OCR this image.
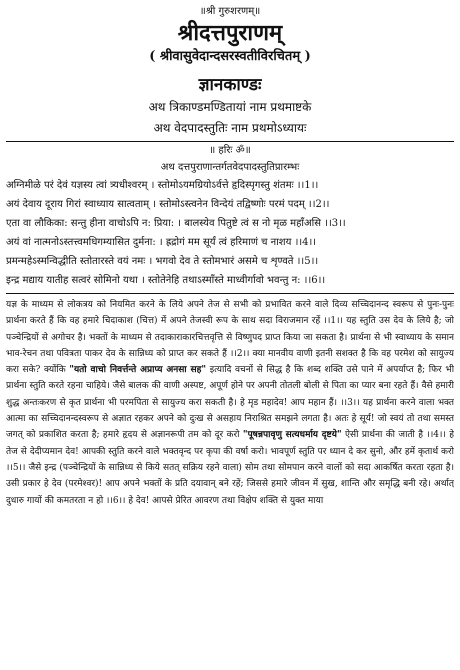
॥श्री गुरुशरणम्॥
श्रीदत्तपुराणम्
( श्रीवासुवेदान्दसरस्वतीविरचितम् )
ज्ञानकाण्डः
अथ त्रिकाण्डमण्डितायां नाम प्रथमाष्टके
अथ वेदपादस्तुतिः नाम प्रथमोऽध्यायः
॥ हरिः ॐ॥
अथ दत्तपुराणान्तर्गतवेदपादस्तुतिप्रारम्भः
अग्निमीळे परं देवं यज्ञस्य त्वां त्र्यधीश्वरम् । स्तोमोऽयमग्रियोऽर्वत्ते हृदिस्पृगस्तु शंतमः ।।1।।
अयं देवाय दूराय गिरां स्वाध्याय सात्वताम् । स्तोमोऽस्त्वनेन विन्देयं तद्विष्णोः परमं पदम् ।।2।।
एता वा लौकिका: सन्तु हीना वाचोऽपि न: प्रिया: । बालस्येव पितुष्टे त्वं स नो मृळ महाँअसि ।।3।।
अयं वां नात्मनोऽस्तत्त्वमधिगम्यासित दुर्मना: । ह्रद्रोगं मम सूर्यं त्वं हरिमाणं च नाशय ।।4।।
प्रमन्महेऽस्मन्विद्धीति स्तोतारस्ते वयं नमः । भगवो देव ते स्तोमभारं असमे च शृण्वते ।।5।।
इन्द्र मद्याय यातीह सत्वरं सोमिनो यथा । स्तोतेनेहि तथाऽस्माँस्ते माध्वीर्गावो भवन्तु न: ।।6।।
यज्ञ के माध्यम से लोकत्रय को नियमित करने के लिये अपने तेज से सभी को प्रभावित करने वाले दिव्य सच्चिदानन्द स्वरूप से पुनः-पुनः प्रार्थना करते हैं कि वह हमारे चिदाकाश (चित्त) में अपने तेजस्वी रूप के साथ सदा विराजमान रहें ।।1।। यह स्तुति उस देव के लिये है; जो पञ्चेन्द्रियों से अगोचर है। भक्तों के माध्यम से तदाकाराकारचित्तवृत्ति से विष्णुपद प्राप्त किया जा सकता है। प्रार्थना से भी स्वाध्याय के समान भाव-रेचन तथा पवित्रता पाकर देव के सान्निध्य को प्राप्त कर सकते हैं ।।2।। क्या मानवीय वाणी इतनी सशक्त है कि वह परमेश को सायुज्य करा सके? क्योंकि "यतो वाचो निवर्त्तन्ते अप्राप्य अनसा सह" इत्यादि वचनों से सिद्ध है कि शब्द शक्ति उसे पाने में अपर्याप्त है; फिर भी प्रार्थना स्तुति करते रहना चाहिये। जैसे बालक की वाणी अस्पष्ट, अपूर्ण होने पर अपनी तोतली बोली से पिता का प्यार बना रहते हैं। वैसे हमारी शुद्ध अन्तःकरण से कृत प्रार्थना भी परमपिता से सायुज्य करा सकती है। हे मृड महादेव! आप महान हैं। ।।3।। यह प्रार्थना करने वाला भक्त आत्मा का सच्चिदानन्दस्वरूप से अज्ञात रहकर अपने को दुःख से असहाय निराश्रित समझने लगता है। अतः हे सूर्य! जो स्वयं तो तथा समस्त जगत् को प्रकाशित करता है; हमारे हृदय से अज्ञानरूपी तम को दूर करो "पूषन्नपावृणु सत्यधर्माय दृष्टये" ऐसी प्रार्थना की जाती है ।।4।। हे तेज से देदीप्यमान देव! आपकी स्तुति करने वाले भक्तवृन्द पर कृपा की वर्षा करो। भावपूर्ण स्तुति पर ध्यान दे कर सुनो, और हमें कृतार्थ करो ।।5।। जैसे इन्द्र (पञ्चेन्द्रियों के सान्निध्य से किये सतत् सक्रिय रहने वाला) सोम तथा सोमपान करने वालों को सदा आकर्षित करता रहता है। उसी प्रकार हे देव (परमेश्वर)! आप अपने भक्तों के प्रति दयावान् बने रहें; जिससे हमारे जीवन में सुख, शान्ति और समृद्धि बनी रहे। अर्थात् दुधारु गायों की कमतरता न हो ।।6।। हे देव! आपसे प्रेरित आवरण तथा विक्षेप शक्ति से युक्त माया
